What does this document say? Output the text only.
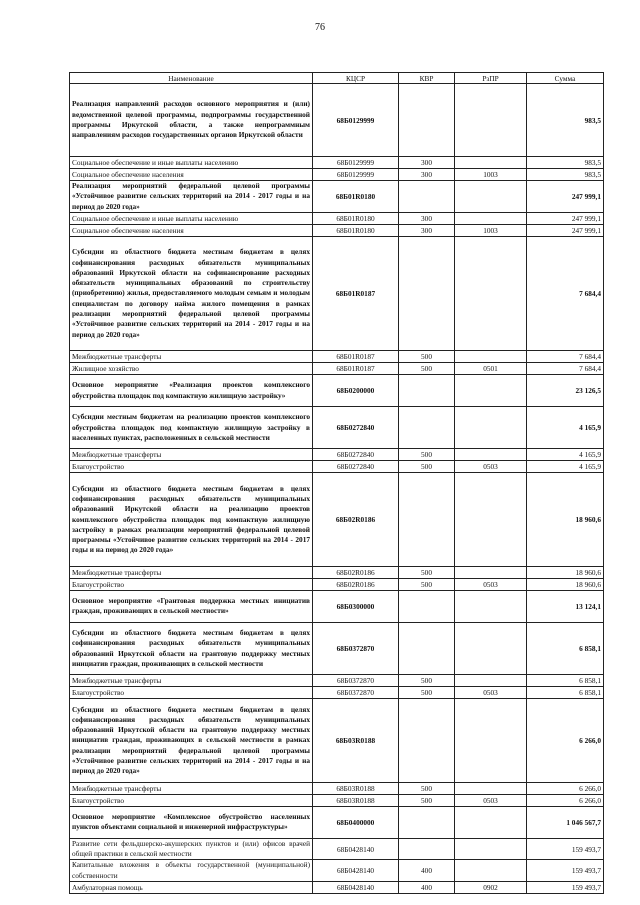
76
Наименование	КЦСР	КВР	РзПР	Сумма
Реализация направлений расходов основного мероприятия и (или) ведомственной целевой программы, подпрограммы государственной программы Иркутской области, а также непрограммным направлениям расходов государственных органов Иркутской области	68Б0129999			983,5
Социальное обеспечение и иные выплаты населению	68Б0129999	300		983,5
Социальное обеспечение населения	68Б0129999	300	1003	983,5
Реализация мероприятий федеральной целевой программы «Устойчивое развитие сельских территорий на 2014 - 2017 годы и на период до 2020 года»	68Б01R0180			247 999,1
Социальное обеспечение и иные выплаты населению	68Б01R0180	300		247 999,1
Социальное обеспечение населения	68Б01R0180	300	1003	247 999,1
Субсидии из областного бюджета местным бюджетам в целях софинансирования расходных обязательств муниципальных образований Иркутской области на софинансирование расходных обязательств муниципальных образований по строительству (приобретению) жилья, предоставляемого молодым семьям и молодым специалистам по договору найма жилого помещения в рамках реализации мероприятий федеральной целевой программы «Устойчивое развитие сельских территорий на 2014 - 2017 годы и на период до 2020 года»	68Б01R0187			7 684,4
Межбюджетные трансферты	68Б01R0187	500		7 684,4
Жилищное хозяйство	68Б01R0187	500	0501	7 684,4
Основное мероприятие «Реализация проектов комплексного обустройства площадок под компактную жилищную застройку»	68Б0200000			23 126,5
Субсидии местным бюджетам на реализацию проектов комплексного обустройства площадок под компактную жилищную застройку в населенных пунктах, расположенных в сельской местности	68Б0272840			4 165,9
Межбюджетные трансферты	68Б0272840	500		4 165,9
Благоустройство	68Б0272840	500	0503	4 165,9
Субсидии из областного бюджета местным бюджетам в целях софинансирования расходных обязательств муниципальных образований Иркутской области на реализацию проектов комплексного обустройства площадок под компактную жилищную застройку в рамках реализации мероприятий федеральной целевой программы «Устойчивое развитие сельских территорий на 2014 - 2017 годы и на период до 2020 года»	68Б02R0186			18 960,6
Межбюджетные трансферты	68Б02R0186	500		18 960,6
Благоустройство	68Б02R0186	500	0503	18 960,6
Основное мероприятие «Грантовая поддержка местных инициатив граждан, проживающих в сельской местности»	68Б0300000			13 124,1
Субсидии из областного бюджета местным бюджетам в целях софинансирования расходных обязательств муниципальных образований Иркутской области на грантовую поддержку местных инициатив граждан, проживающих в сельской местности	68Б0372870			6 858,1
Межбюджетные трансферты	68Б0372870	500		6 858,1
Благоустройство	68Б0372870	500	0503	6 858,1
Субсидии из областного бюджета местным бюджетам в целях софинансирования расходных обязательств муниципальных образований Иркутской области на грантовую поддержку местных инициатив граждан, проживающих в сельской местности в рамках реализации мероприятий федеральной целевой программы «Устойчивое развитие сельских территорий на 2014 - 2017 годы и на период до 2020 года»	68Б03R0188			6 266,0
Межбюджетные трансферты	68Б03R0188	500		6 266,0
Благоустройство	68Б03R0188	500	0503	6 266,0
Основное мероприятие «Комплексное обустройство населенных пунктов объектами социальной и инженерной инфраструктуры»	68Б0400000			1 046 567,7
Развитие сети фельдшерско-акушерских пунктов и (или) офисов врачей общей практики в сельской местности	68Б0428140			159 493,7
Капитальные вложения в объекты государственной (муниципальной) собственности	68Б0428140	400		159 493,7
Амбулаторная помощь	68Б0428140	400	0902	159 493,7
